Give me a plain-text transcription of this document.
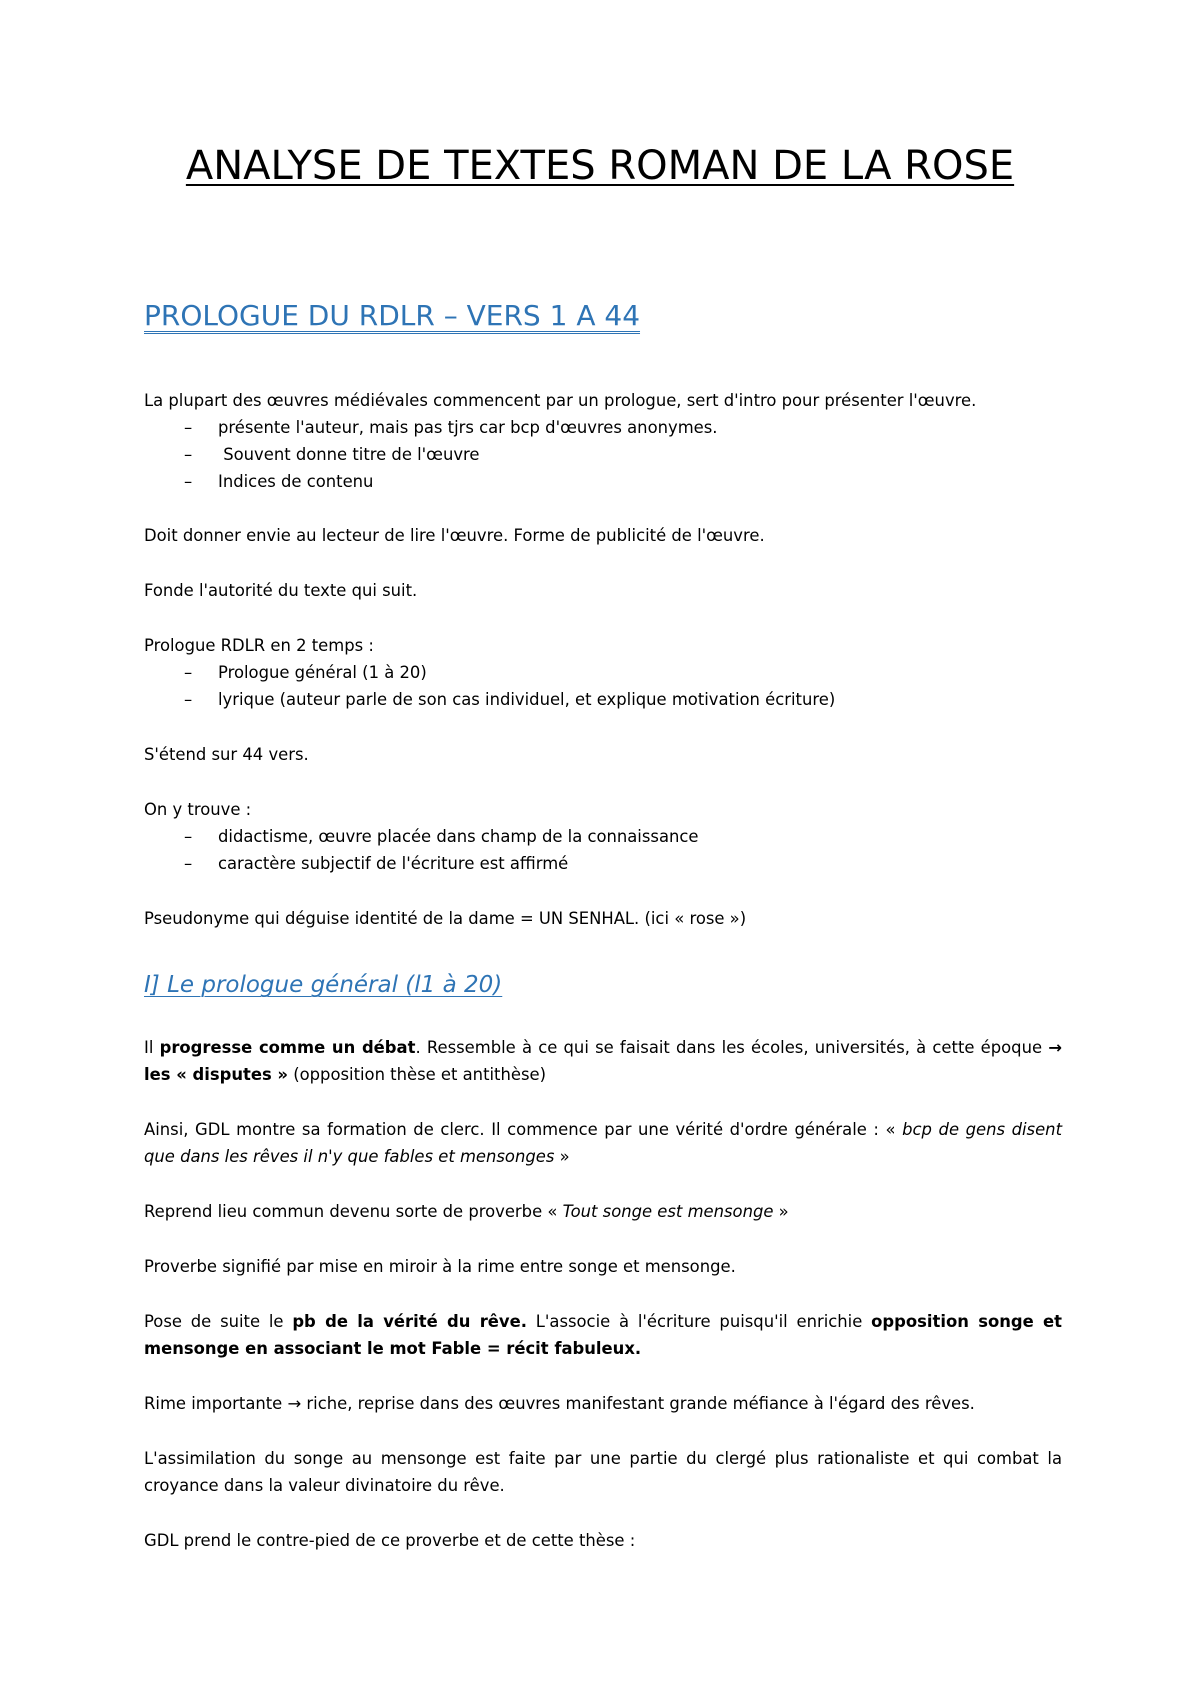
ANALYSE DE TEXTES ROMAN DE LA ROSE
PROLOGUE DU RDLR – VERS 1 A 44
La plupart des œuvres médiévales commencent par un prologue, sert d'intro pour présenter l'œuvre.
– présente l'auteur, mais pas tjrs car bcp d'œuvres anonymes.
– Souvent donne titre de l'œuvre
– Indices de contenu
Doit donner envie au lecteur de lire l'œuvre. Forme de publicité de l'œuvre.
Fonde l'autorité du texte qui suit.
Prologue RDLR en 2 temps :
– Prologue général (1 à 20)
– lyrique (auteur parle de son cas individuel, et explique motivation écriture)
S'étend sur 44 vers.
On y trouve :
– didactisme, œuvre placée dans champ de la connaissance
– caractère subjectif de l'écriture est affirmé
Pseudonyme qui déguise identité de la dame = UN SENHAL. (ici « rose »)
I] Le prologue général (l1 à 20)
Il progresse comme un débat. Ressemble à ce qui se faisait dans les écoles, universités, à cette époque → les « disputes » (opposition thèse et antithèse)
Ainsi, GDL montre sa formation de clerc. Il commence par une vérité d'ordre générale : « bcp de gens disent que dans les rêves il n'y que fables et mensonges »
Reprend lieu commun devenu sorte de proverbe « Tout songe est mensonge »
Proverbe signifié par mise en miroir à la rime entre songe et mensonge.
Pose de suite le pb de la vérité du rêve. L'associe à l'écriture puisqu'il enrichie opposition songe et mensonge en associant le mot Fable = récit fabuleux.
Rime importante → riche, reprise dans des œuvres manifestant grande méfiance à l'égard des rêves.
L'assimilation du songe au mensonge est faite par une partie du clergé plus rationaliste et qui combat la croyance dans la valeur divinatoire du rêve.
GDL prend le contre-pied de ce proverbe et de cette thèse :
